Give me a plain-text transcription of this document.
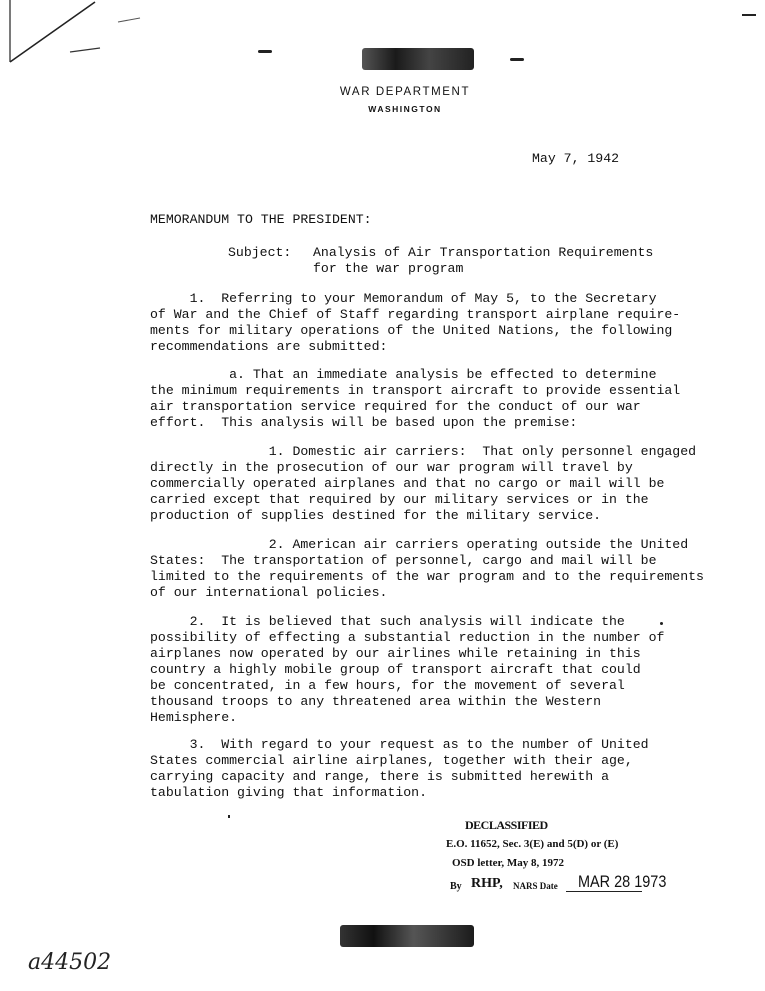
WAR DEPARTMENT
WASHINGTON
May 7, 1942
MEMORANDUM TO THE PRESIDENT:
Subject: Analysis of Air Transportation Requirements
for the war program
1.  Referring to your Memorandum of May 5, to the Secretary
of War and the Chief of Staff regarding transport airplane require-
ments for military operations of the United Nations, the following
recommendations are submitted:
a. That an immediate analysis be effected to determine
the minimum requirements in transport aircraft to provide essential
air transportation service required for the conduct of our war
effort.  This analysis will be based upon the premise:
1. Domestic air carriers:  That only personnel engaged
directly in the prosecution of our war program will travel by
commercially operated airplanes and that no cargo or mail will be
carried except that required by our military services or in the
production of supplies destined for the military service.
2. American air carriers operating outside the United
States:  The transportation of personnel, cargo and mail will be
limited to the requirements of the war program and to the requirements
of our international policies.
2.  It is believed that such analysis will indicate the
possibility of effecting a substantial reduction in the number of
airplanes now operated by our airlines while retaining in this
country a highly mobile group of transport aircraft that could
be concentrated, in a few hours, for the movement of several
thousand troops to any threatened area within the Western
Hemisphere.
3.  With regard to your request as to the number of United
States commercial airline airplanes, together with their age,
carrying capacity and range, there is submitted herewith a
tabulation giving that information.
DECLASSIFIED
E.O. 11652, Sec. 3(E) and 5(D) or (E)
OSD letter, May 8, 1972
By RHP, NARS Date MAR 28 1973
a44502
